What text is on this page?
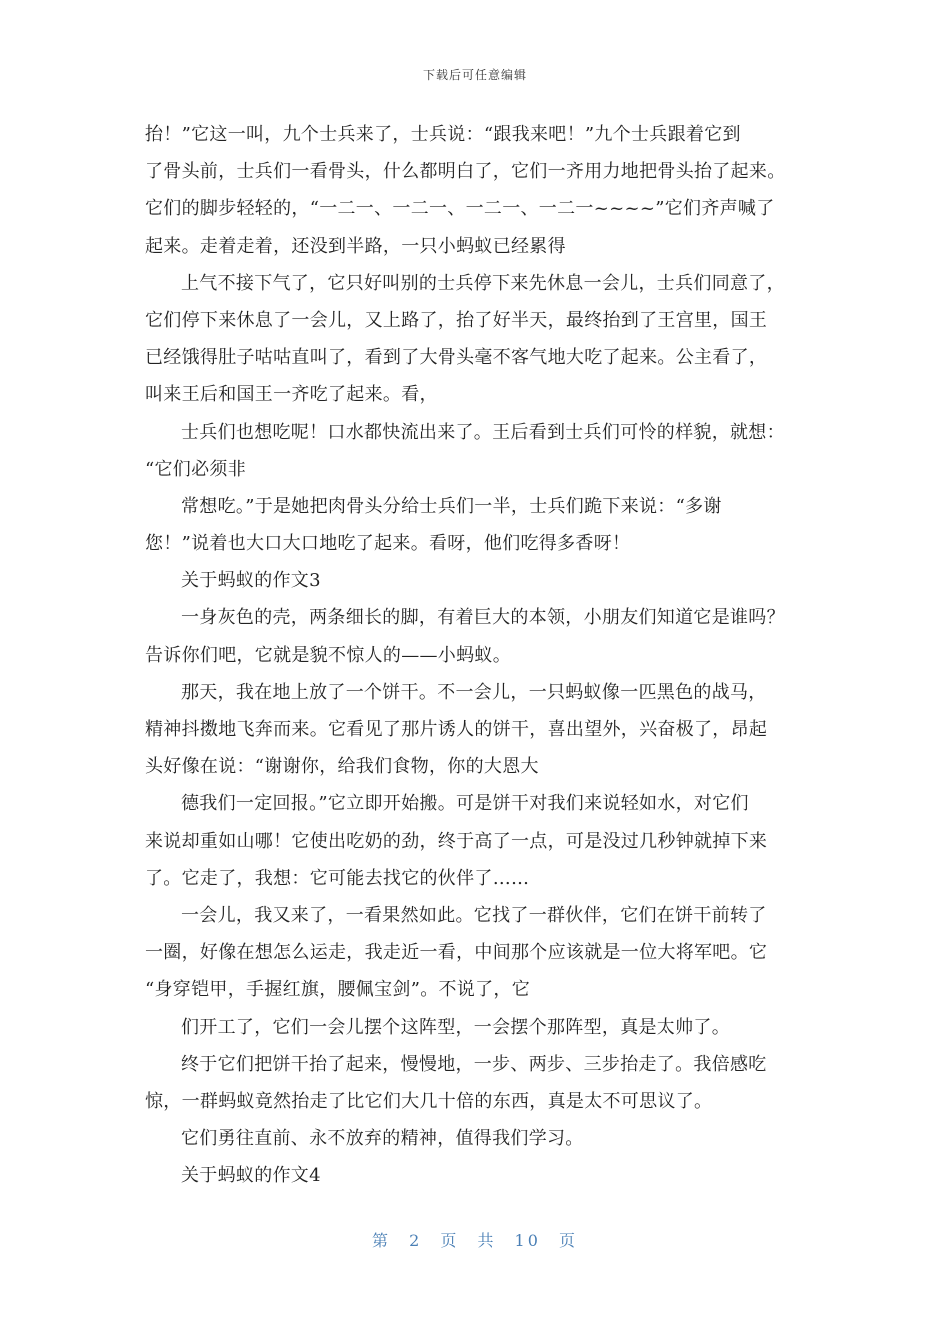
下载后可任意编辑
抬！”它这一叫，九个士兵来了，士兵说：“跟我来吧！”九个士兵跟着它到
了骨头前，士兵们一看骨头，什么都明白了，它们一齐用力地把骨头抬了起来。
它们的脚步轻轻的，“一二一、一二一、一二一、一二一~~~~”它们齐声喊了
起来。走着走着，还没到半路，一只小蚂蚁已经累得
上气不接下气了，它只好叫别的士兵停下来先休息一会儿，士兵们同意了，
它们停下来休息了一会儿，又上路了，抬了好半天，最终抬到了王宫里，国王
已经饿得肚子咕咕直叫了，看到了大骨头毫不客气地大吃了起来。公主看了，
叫来王后和国王一齐吃了起来。看，
士兵们也想吃呢！口水都快流出来了。王后看到士兵们可怜的样貌，就想：
“它们必须非
常想吃。”于是她把肉骨头分给士兵们一半，士兵们跪下来说：“多谢
您！”说着也大口大口地吃了起来。看呀，他们吃得多香呀！
关于蚂蚁的作文3
一身灰色的壳，两条细长的脚，有着巨大的本领，小朋友们知道它是谁吗？
告诉你们吧，它就是貌不惊人的——小蚂蚁。
那天，我在地上放了一个饼干。不一会儿，一只蚂蚁像一匹黑色的战马，
精神抖擞地飞奔而来。它看见了那片诱人的饼干，喜出望外，兴奋极了，昂起
头好像在说：“谢谢你，给我们食物，你的大恩大
德我们一定回报。”它立即开始搬。可是饼干对我们来说轻如水，对它们
来说却重如山哪！它使出吃奶的劲，终于高了一点，可是没过几秒钟就掉下来
了。它走了，我想：它可能去找它的伙伴了……
一会儿，我又来了，一看果然如此。它找了一群伙伴，它们在饼干前转了
一圈，好像在想怎么运走，我走近一看，中间那个应该就是一位大将军吧。它
“身穿铠甲，手握红旗，腰佩宝剑”。不说了，它
们开工了，它们一会儿摆个这阵型，一会摆个那阵型，真是太帅了。
终于它们把饼干抬了起来，慢慢地，一步、两步、三步抬走了。我倍感吃
惊，一群蚂蚁竟然抬走了比它们大几十倍的东西，真是太不可思议了。
它们勇往直前、永不放弃的精神，值得我们学习。
关于蚂蚁的作文4
第 2 页 共 10 页
